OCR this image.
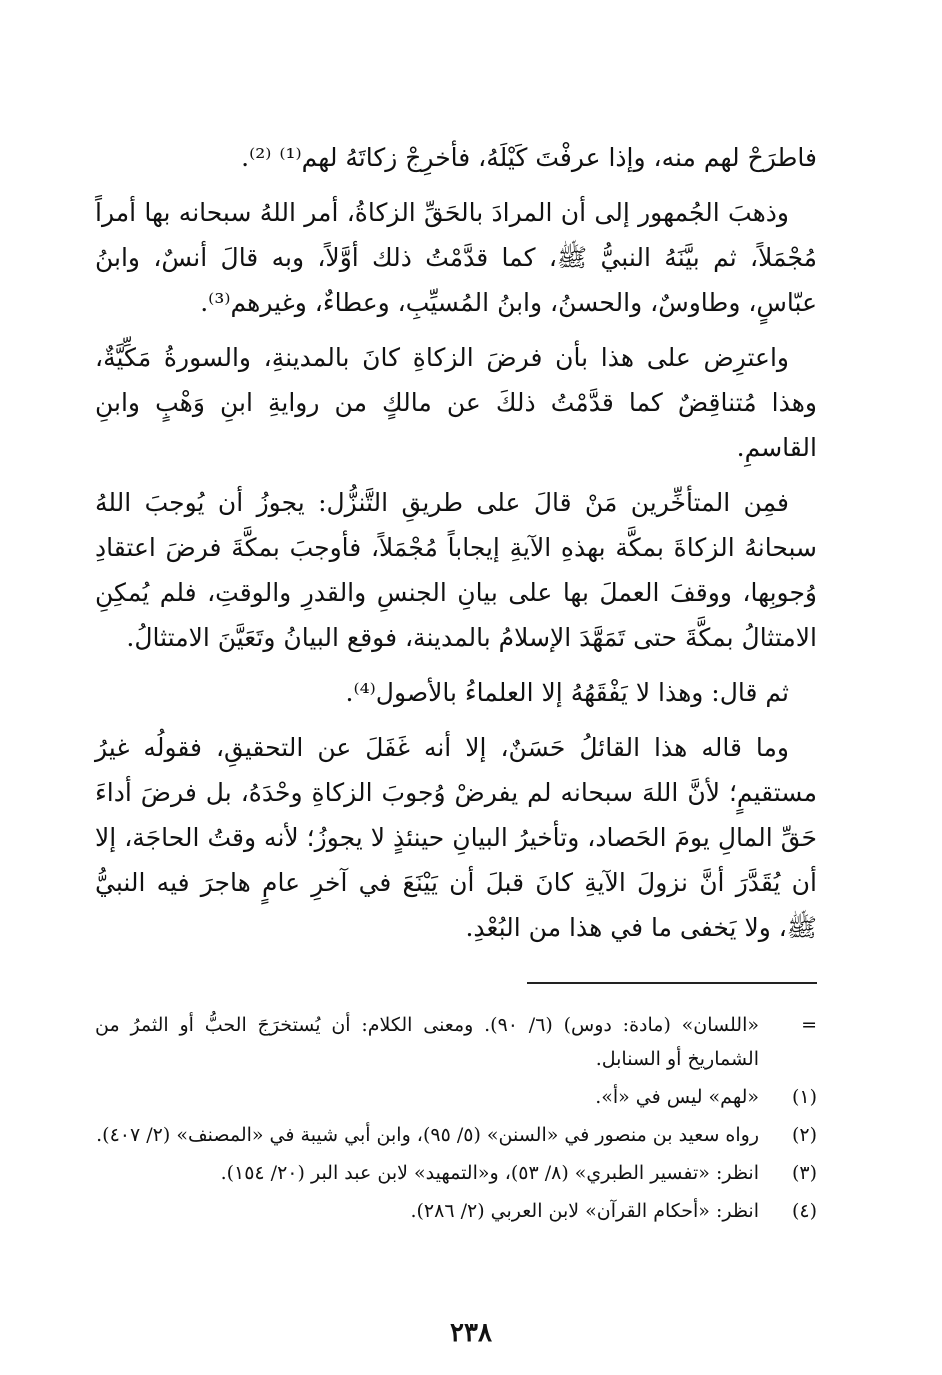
فاطرَحْ لهم منه، وإذا عرفْتَ كَيْلَهُ، فأخرِجْ زكاتَهُ لهم⁽¹⁾ ⁽²⁾.

وذهبَ الجُمهور إلى أن المرادَ بالحَقِّ الزكاةُ، أمر اللهُ سبحانه بها أمراً مُجْمَلاً، ثم بيَّنَهُ النبيُّ ﷺ، كما قدَّمْتُ ذلك أوَّلاً، وبه قالَ أنسٌ، وابنُ عبّاسٍ، وطاوسٌ، والحسنُ، وابنُ المُسيِّبِ، وعطاءٌ، وغيرهم⁽³⁾.

واعترِض على هذا بأن فرضَ الزكاةِ كانَ بالمدينةِ، والسورةُ مَكِّيَّةٌ، وهذا مُتناقِضٌ كما قدَّمْتُ ذلكَ عن مالكٍ من روايةِ ابنِ وَهْبٍ وابنِ القاسمِ.

فمِن المتأخِّرين مَنْ قالَ على طريقِ التَّنزُّل: يجوزُ أن يُوجبَ اللهُ سبحانهُ الزكاةَ بمكَّة بهذهِ الآيةِ إيجاباً مُجْمَلاً، فأوجبَ بمكَّةَ فرضَ اعتقادِ وُجوبِها، ووقفَ العملَ بها على بيانِ الجنسِ والقدرِ والوقتِ، فلم يُمكِنِ الامتثالُ بمكَّةَ حتى تَمَهَّدَ الإسلامُ بالمدينة، فوقع البيانُ وتَعَيَّنَ الامتثالُ.

ثم قال: وهذا لا يَفْقَهُهُ إلا العلماءُ بالأصول⁽⁴⁾.

وما قاله هذا القائلُ حَسَنٌ، إلا أنه غَفَلَ عن التحقيقِ، فقولُه غيرُ مستقيمٍ؛ لأنَّ اللهَ سبحانه لم يفرضْ وُجوبَ الزكاةِ وحْدَهُ، بل فرضَ أداءَ حَقِّ المالِ يومَ الحَصاد، وتأخيرُ البيانِ حينئذٍ لا يجوزُ؛ لأنه وقتُ الحاجَة، إلا أن يُقَدَّرَ أنَّ نزولَ الآيةِ كانَ قبلَ أن يَيْنَعَ في آخرِ عامٍ هاجرَ فيه النبيُّ ﷺ، ولا يَخفى ما في هذا من البُعْدِ.

=
«اللسان» (مادة: دوس) (٦/ ٩٠). ومعنى الكلام: أن يُستخرَجَ الحبُّ أو الثمرُ من الشماريخ أو السنابل.
(١)
«لهم» ليس في «أ».
(٢)
رواه سعيد بن منصور في «السنن» (٥/ ٩٥)، وابن أبي شيبة في «المصنف» (٢/ ٤٠٧).
(٣)
انظر: «تفسير الطبري» (٨/ ٥٣)، و«التمهيد» لابن عبد البر (٢٠/ ١٥٤).
(٤)
انظر: «أحكام القرآن» لابن العربي (٢/ ٢٨٦).
٢٣٨
